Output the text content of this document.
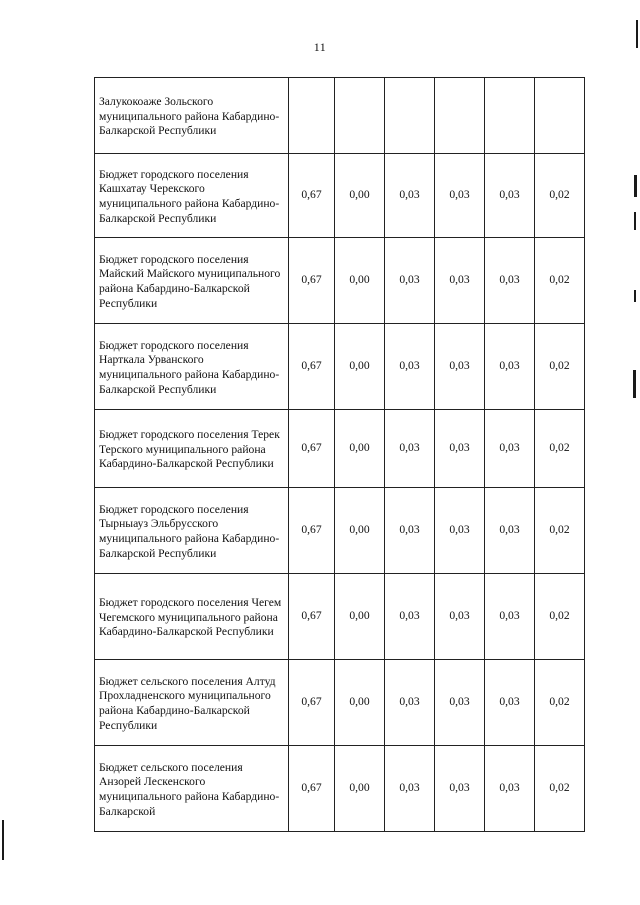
11
Залукокоаже Зольского муниципального района Кабардино-Балкарской Республики						
Бюджет городского поселения Кашхатау Черекского муниципального района Кабардино-Балкарской Республики	0,67	0,00	0,03	0,03	0,03	0,02
Бюджет городского поселения Майский Майского муниципального района Кабардино-Балкарской Республики	0,67	0,00	0,03	0,03	0,03	0,02
Бюджет городского поселения Нарткала Урванского муниципального района Кабардино-Балкарской Республики	0,67	0,00	0,03	0,03	0,03	0,02
Бюджет городского поселения Терек Терского муниципального района Кабардино-Балкарской Республики	0,67	0,00	0,03	0,03	0,03	0,02
Бюджет городского поселения Тырныауз Эльбрусского муниципального района Кабардино-Балкарской Республики	0,67	0,00	0,03	0,03	0,03	0,02
Бюджет городского поселения Чегем Чегемского муниципального района Кабардино-Балкарской Республики	0,67	0,00	0,03	0,03	0,03	0,02
Бюджет сельского поселения Алтуд Прохладненского муниципального района Кабардино-Балкарской Республики	0,67	0,00	0,03	0,03	0,03	0,02
Бюджет сельского поселения Анзорей Лескенского муниципального района Кабардино-Балкарской	0,67	0,00	0,03	0,03	0,03	0,02
